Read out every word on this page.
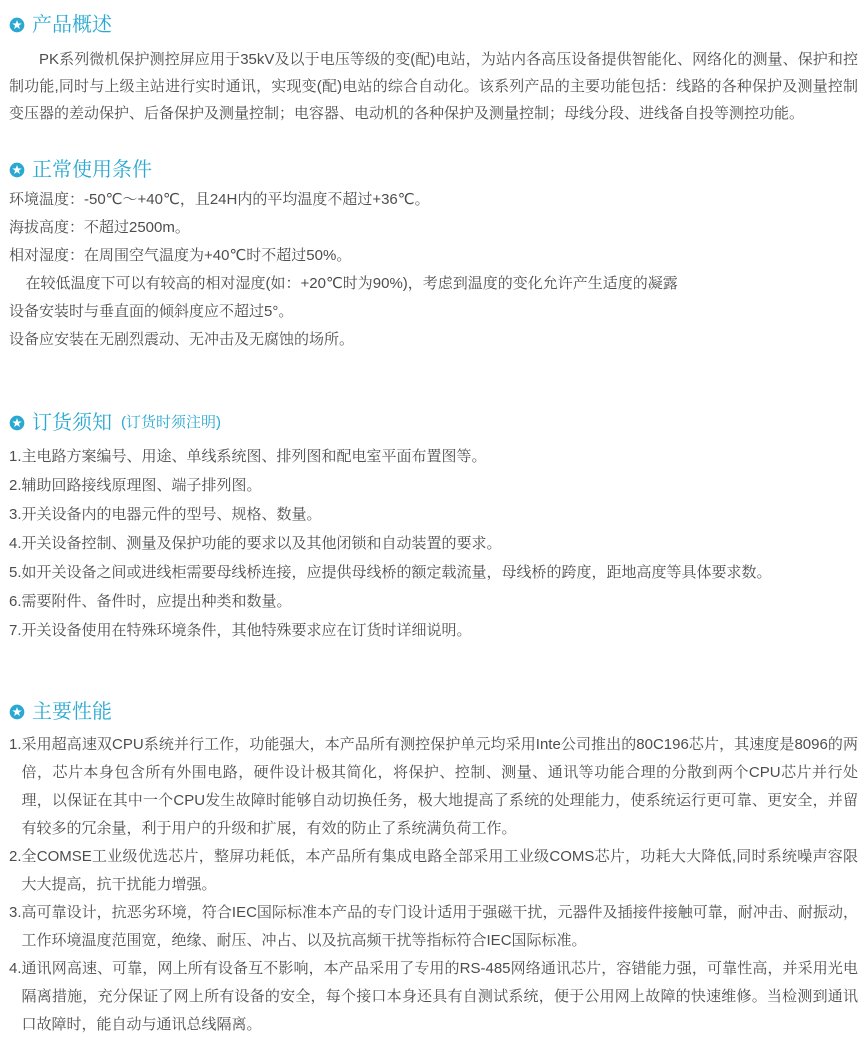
产品概述

PK系列微机保护测控屏应用于35kV及以于电压等级的变(配)电站，为站内各高压设备提供智能化、网络化的测量、保护和控制功能,同时与上级主站进行实时通讯，实现变(配)电站的综合自动化。该系列产品的主要功能包括：线路的各种保护及测量控制变压器的差动保护、后备保护及测量控制；电容器、电动机的各种保护及测量控制；母线分段、进线备自投等测控功能。

正常使用条件
环境温度：-50℃～+40℃，且24H内的平均温度不超过+36℃。
海拔高度：不超过2500m。
相对湿度：在周围空气温度为+40℃时不超过50%。
在较低温度下可以有较高的相对湿度(如：+20℃时为90%)，考虑到温度的变化允许产生适度的凝露
设备安装时与垂直面的倾斜度应不超过5°。
设备应安装在无剧烈震动、无冲击及无腐蚀的场所。
订货须知 (订货时须注明)
1. 主电路方案编号、用途、单线系统图、排列图和配电室平面布置图等。
2. 辅助回路接线原理图、端子排列图。
3. 开关设备内的电器元件的型号、规格、数量。
4. 开关设备控制、测量及保护功能的要求以及其他闭锁和自动装置的要求。
5. 如开关设备之间或进线柜需要母线桥连接，应提供母线桥的额定载流量，母线桥的跨度，距地高度等具体要求数。
6. 需要附件、备件时，应提出种类和数量。
7. 开关设备使用在特殊环境条件，其他特殊要求应在订货时详细说明。
主要性能
1. 采用超高速双CPU系统并行工作，功能强大，本产品所有测控保护单元均采用Inte公司推出的80C196芯片，其速度是8096的两倍，芯片本身包含所有外围电路，硬件设计极其简化，将保护、控制、测量、通讯等功能合理的分散到两个CPU芯片并行处理，以保证在其中一个CPU发生故障时能够自动切换任务，极大地提高了系统的处理能力，使系统运行更可靠、更安全，并留有较多的冗余量，利于用户的升级和扩展，有效的防止了系统满负荷工作。
2. 全COMSE工业级优选芯片，整屏功耗低，本产品所有集成电路全部采用工业级COMS芯片，功耗大大降低,同时系统噪声容限大大提高，抗干扰能力增强。
3. 高可靠设计，抗恶劣环境，符合IEC国际标准本产品的专门设计适用于强磁干扰，元器件及插接件接触可靠，耐冲击、耐振动，工作环境温度范围宽，绝缘、耐压、冲占、以及抗高频干扰等指标符合IEC国际标准。
4. 通讯网高速、可靠，网上所有设备互不影响，本产品采用了专用的RS-485网络通讯芯片，容错能力强，可靠性高，并采用光电隔离措施，充分保证了网上所有设备的安全，每个接口本身还具有自测试系统，便于公用网上故障的快速维修。当检测到通讯口故障时，能自动与通讯总线隔离。
